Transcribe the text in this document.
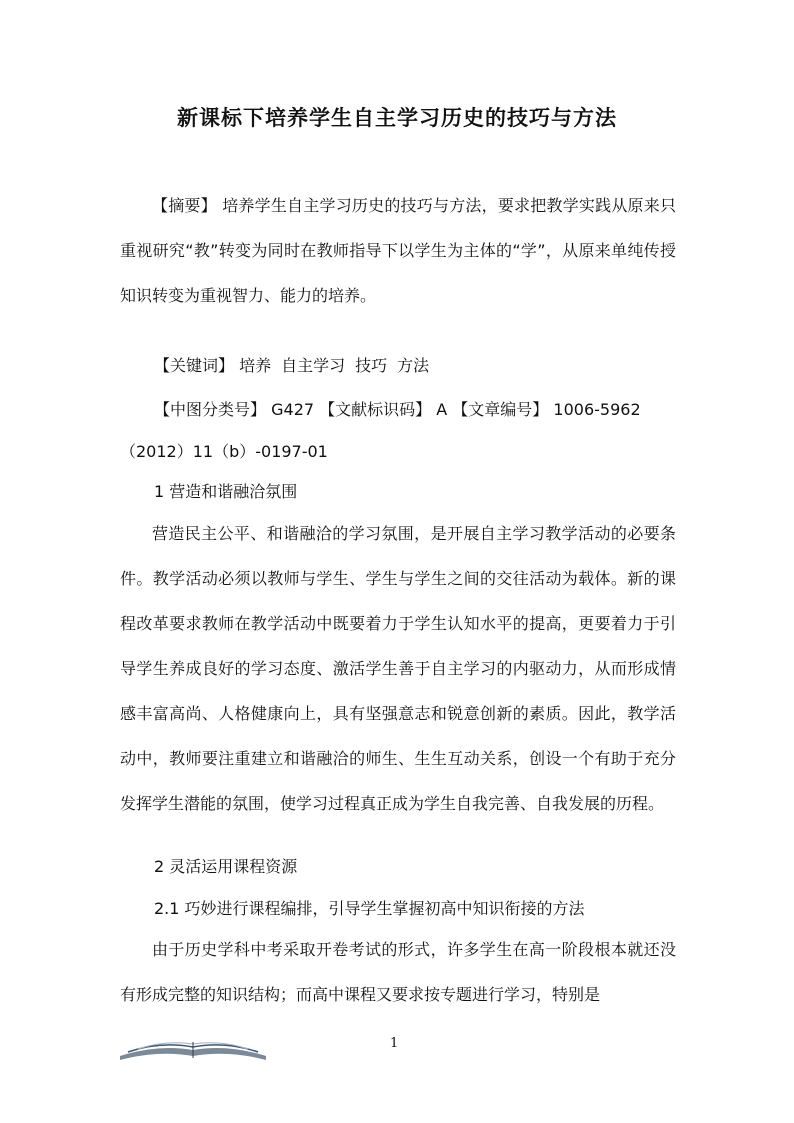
新课标下培养学生自主学习历史的技巧与方法

【摘要】 培养学生自主学习历史的技巧与方法，要求把教学实践从原来只重视研究“教”转变为同时在教师指导下以学生为主体的“学”，从原来单纯传授知识转变为重视智力、能力的培养。

【关键词】 培养 自主学习 技巧 方法

【中图分类号】 G427 【文献标识码】 A 【文章编号】 1006-5962

（2012）11（b）-0197-01

1 营造和谐融洽氛围

营造民主公平、和谐融洽的学习氛围，是开展自主学习教学活动的必要条件。教学活动必须以教师与学生、学生与学生之间的交往活动为载体。新的课程改革要求教师在教学活动中既要着力于学生认知水平的提高，更要着力于引导学生养成良好的学习态度、激活学生善于自主学习的内驱动力，从而形成情感丰富高尚、人格健康向上，具有坚强意志和锐意创新的素质。因此，教学活动中，教师要注重建立和谐融洽的师生、生生互动关系，创设一个有助于充分发挥学生潜能的氛围，使学习过程真正成为学生自我完善、自我发展的历程。

2 灵活运用课程资源

2.1 巧妙进行课程编排，引导学生掌握初高中知识衔接的方法

由于历史学科中考采取开卷考试的形式，许多学生在高一阶段根本就还没有形成完整的知识结构；而高中课程又要求按专题进行学习，特别是

1
